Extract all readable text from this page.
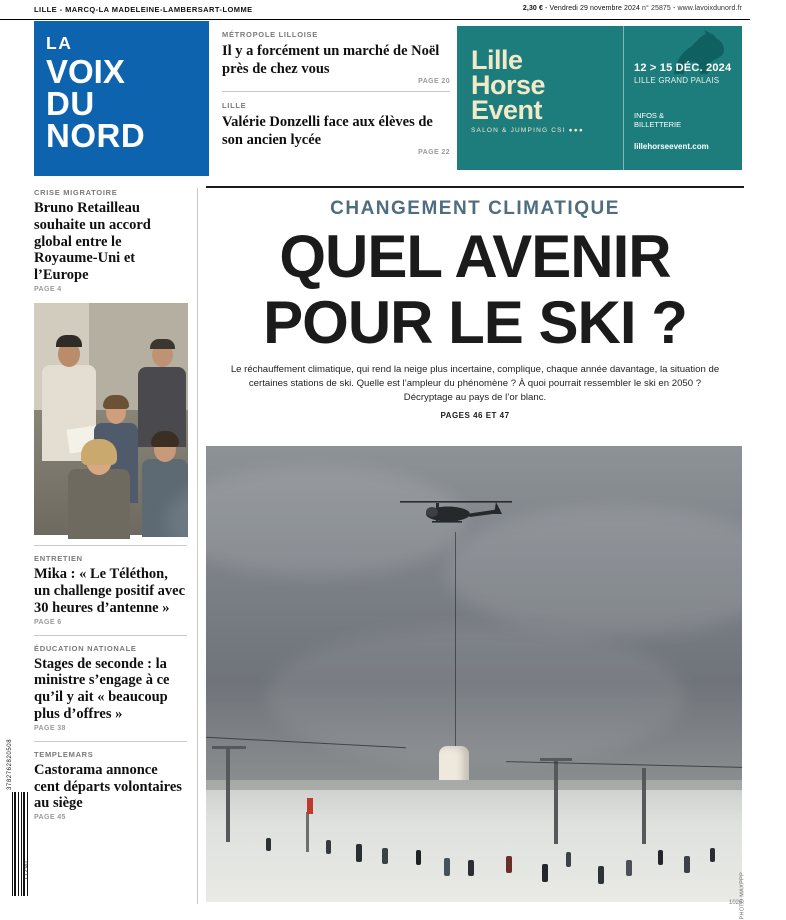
LILLE - MARCQ-LA MADELEINE-LAMBERSART-LOMME	2,30 € - Vendredi 29 novembre 2024 n° 25875 - www.lavoixdunord.fr
LA
VOIX
DU
NORD
MÉTROPOLE LILLOISE
Il y a forcément un marché de Noël près de chez vous
PAGE 20
LILLE
Valérie Donzelli face aux élèves de son ancien lycée
PAGE 22
Lille
Horse
Event
SALON & JUMPING CSI ●●●
12 > 15 DÉC. 2024
LILLE GRAND PALAIS
INFOS &
BILLETTERIE
lillehorseevent.com
CRISE MIGRATOIRE
Bruno Retailleau souhaite un accord global entre le Royaume-Uni et l’Europe
PAGE 4
ENTRETIEN
Mika : « Le Téléthon, un challenge positif avec 30 heures d’antenne »
PAGE 6
ÉDUCATION NATIONALE
Stages de seconde : la ministre s’engage à ce qu’il y ait « beaucoup plus d’offres »
PAGE 38
TEMPLEMARS
Castorama annonce cent départs volontaires au siège
PAGE 45
CHANGEMENT CLIMATIQUE
QUEL AVENIR
POUR LE SKI ?
Le réchauffement climatique, qui rend la neige plus incertaine, complique, chaque année davantage, la situation de certaines stations de ski. Quelle est l’ampleur du phénomène ? À quoi pourrait ressembler le ski en 2050 ? Décryptage au pays de l’or blanc.
PAGES 46 ET 47
PHOTO MAXPPP
3782762820508
11290
1026.
